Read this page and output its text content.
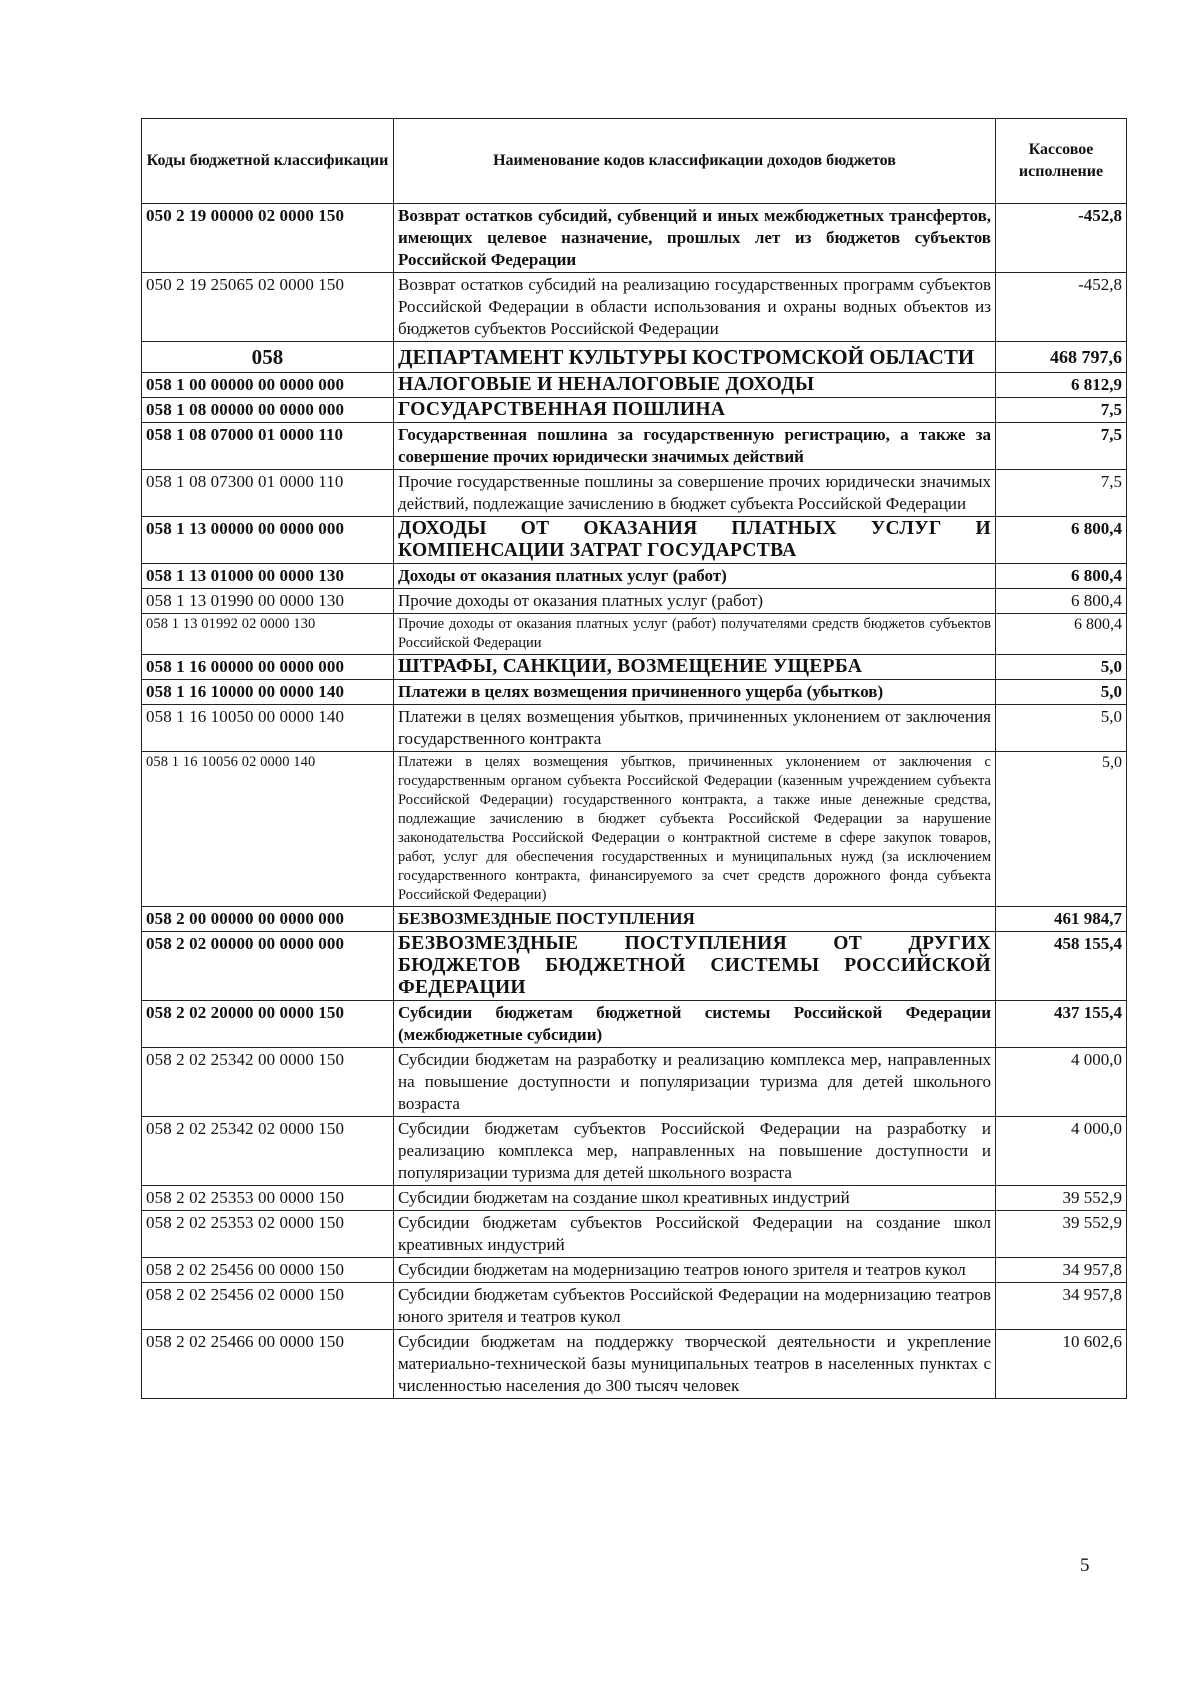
Коды бюджетной классификации	Наименование кодов классификации доходов бюджетов	Кассовое исполнение
050 2 19 00000 02 0000 150	Возврат остатков субсидий, субвенций и иных межбюджетных трансфертов, имеющих целевое назначение, прошлых лет из бюджетов субъектов Российской Федерации	-452,8
050 2 19 25065 02 0000 150	Возврат остатков субсидий на реализацию государственных программ субъектов Российской Федерации в области использования и охраны водных объектов из бюджетов субъектов Российской Федерации	-452,8
058	ДЕПАРТАМЕНТ КУЛЬТУРЫ КОСТРОМСКОЙ ОБЛАСТИ	468 797,6
058 1 00 00000 00 0000 000	НАЛОГОВЫЕ И НЕНАЛОГОВЫЕ ДОХОДЫ	6 812,9
058 1 08 00000 00 0000 000	ГОСУДАРСТВЕННАЯ ПОШЛИНА	7,5
058 1 08 07000 01 0000 110	Государственная пошлина за государственную регистрацию, а также за совершение прочих юридически значимых действий	7,5
058 1 08 07300 01 0000 110	Прочие государственные пошлины за совершение прочих юридически значимых действий, подлежащие зачислению в бюджет субъекта Российской Федерации	7,5
058 1 13 00000 00 0000 000	ДОХОДЫ ОТ ОКАЗАНИЯ ПЛАТНЫХ УСЛУГ И КОМПЕНСАЦИИ ЗАТРАТ ГОСУДАРСТВА	6 800,4
058 1 13 01000 00 0000 130	Доходы от оказания платных услуг (работ)	6 800,4
058 1 13 01990 00 0000 130	Прочие доходы от оказания платных услуг (работ)	6 800,4
058 1 13 01992 02 0000 130	Прочие доходы от оказания платных услуг (работ) получателями средств бюджетов субъектов Российской Федерации	6 800,4
058 1 16 00000 00 0000 000	ШТРАФЫ, САНКЦИИ, ВОЗМЕЩЕНИЕ УЩЕРБА	5,0
058 1 16 10000 00 0000 140	Платежи в целях возмещения причиненного ущерба (убытков)	5,0
058 1 16 10050 00 0000 140	Платежи в целях возмещения убытков, причиненных уклонением от заключения государственного контракта	5,0
058 1 16 10056 02 0000 140	Платежи в целях возмещения убытков, причиненных уклонением от заключения с государственным органом субъекта Российской Федерации (казенным учреждением субъекта Российской Федерации) государственного контракта, а также иные денежные средства, подлежащие зачислению в бюджет субъекта Российской Федерации за нарушение законодательства Российской Федерации о контрактной системе в сфере закупок товаров, работ, услуг для обеспечения государственных и муниципальных нужд (за исключением государственного контракта, финансируемого за счет средств дорожного фонда субъекта Российской Федерации)	5,0
058 2 00 00000 00 0000 000	БЕЗВОЗМЕЗДНЫЕ ПОСТУПЛЕНИЯ	461 984,7
058 2 02 00000 00 0000 000	БЕЗВОЗМЕЗДНЫЕ ПОСТУПЛЕНИЯ ОТ ДРУГИХ БЮДЖЕТОВ БЮДЖЕТНОЙ СИСТЕМЫ РОССИЙСКОЙ ФЕДЕРАЦИИ	458 155,4
058 2 02 20000 00 0000 150	Субсидии бюджетам бюджетной системы Российской Федерации (межбюджетные субсидии)	437 155,4
058 2 02 25342 00 0000 150	Субсидии бюджетам на разработку и реализацию комплекса мер, направленных на повышение доступности и популяризации туризма для детей школьного возраста	4 000,0
058 2 02 25342 02 0000 150	Субсидии бюджетам субъектов Российской Федерации на разработку и реализацию комплекса мер, направленных на повышение доступности и популяризации туризма для детей школьного возраста	4 000,0
058 2 02 25353 00 0000 150	Субсидии бюджетам на создание школ креативных индустрий	39 552,9
058 2 02 25353 02 0000 150	Субсидии бюджетам субъектов Российской Федерации на создание школ креативных индустрий	39 552,9
058 2 02 25456 00 0000 150	Субсидии бюджетам на модернизацию театров юного зрителя и театров кукол	34 957,8
058 2 02 25456 02 0000 150	Субсидии бюджетам субъектов Российской Федерации на модернизацию театров юного зрителя и театров кукол	34 957,8
058 2 02 25466 00 0000 150	Субсидии бюджетам на поддержку творческой деятельности и укрепление материально-технической базы муниципальных театров в населенных пунктах с численностью населения до 300 тысяч человек	10 602,6
5
